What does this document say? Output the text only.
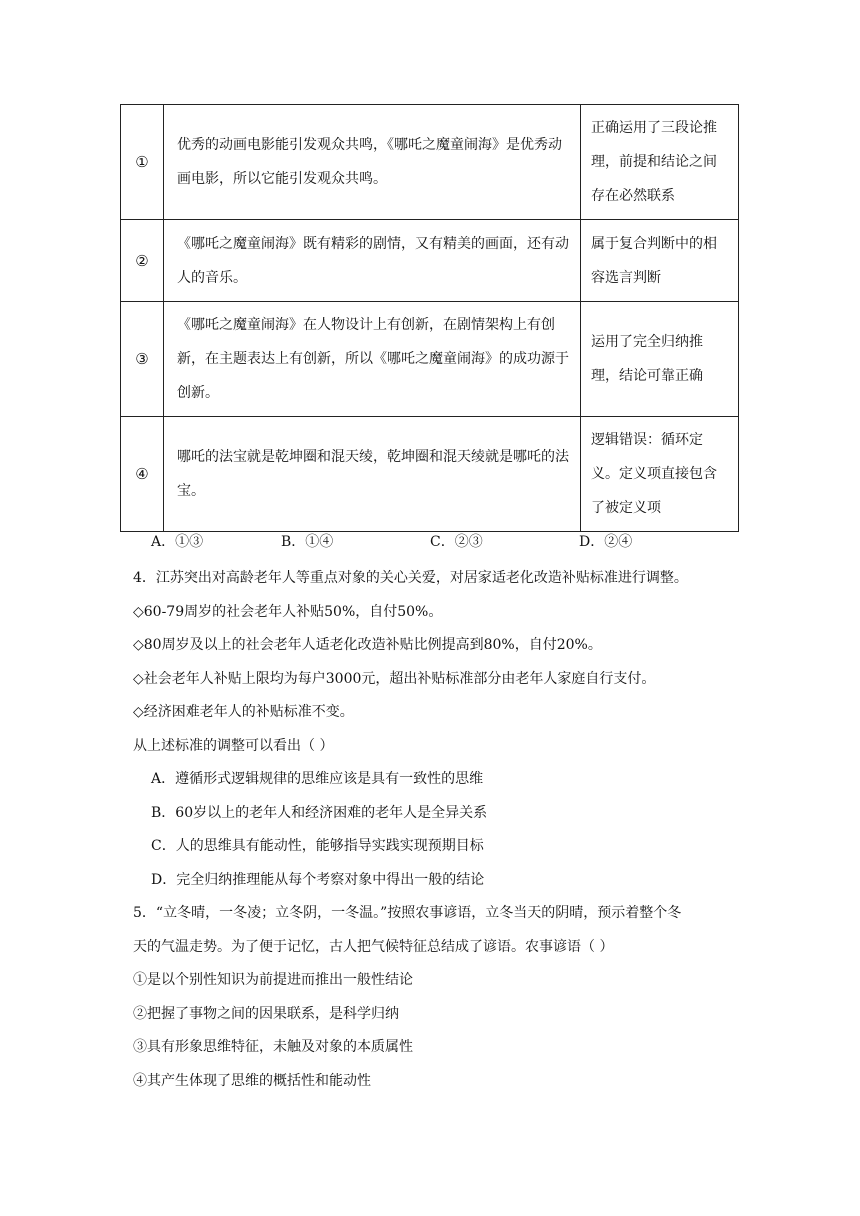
①	优秀的动画电影能引发观众共鸣，《哪吒之魔童闹海》是优秀动画电影，所以它能引发观众共鸣。	正确运用了三段论推理，前提和结论之间存在必然联系
②	《哪吒之魔童闹海》既有精彩的剧情，又有精美的画面，还有动人的音乐。	属于复合判断中的相容选言判断
③	《哪吒之魔童闹海》在人物设计上有创新，在剧情架构上有创新，在主题表达上有创新，所以《哪吒之魔童闹海》的成功源于创新。	运用了完全归纳推理，结论可靠正确
④	哪吒的法宝就是乾坤圈和混天绫，乾坤圈和混天绫就是哪吒的法宝。	逻辑错误：循环定义。定义项直接包含了被定义项
A．①③	B．①④	C．②③	D．②④
4．江苏突出对高龄老年人等重点对象的关心关爱，对居家适老化改造补贴标准进行调整。
◇60-79周岁的社会老年人补贴50%，自付50%。
◇80周岁及以上的社会老年人适老化改造补贴比例提高到80%，自付20%。
◇社会老年人补贴上限均为每户3000元，超出补贴标准部分由老年人家庭自行支付。
◇经济困难老年人的补贴标准不变。
从上述标准的调整可以看出（ ）
A．遵循形式逻辑规律的思维应该是具有一致性的思维
B．60岁以上的老年人和经济困难的老年人是全异关系
C．人的思维具有能动性，能够指导实践实现预期目标
D．完全归纳推理能从每个考察对象中得出一般的结论
5．“立冬晴，一冬凌；立冬阴，一冬温。”按照农事谚语，立冬当天的阴晴，预示着整个冬
天的气温走势。为了便于记忆，古人把气候特征总结成了谚语。农事谚语（ ）
①是以个别性知识为前提进而推出一般性结论
②把握了事物之间的因果联系，是科学归纳
③具有形象思维特征，未触及对象的本质属性
④其产生体现了思维的概括性和能动性
